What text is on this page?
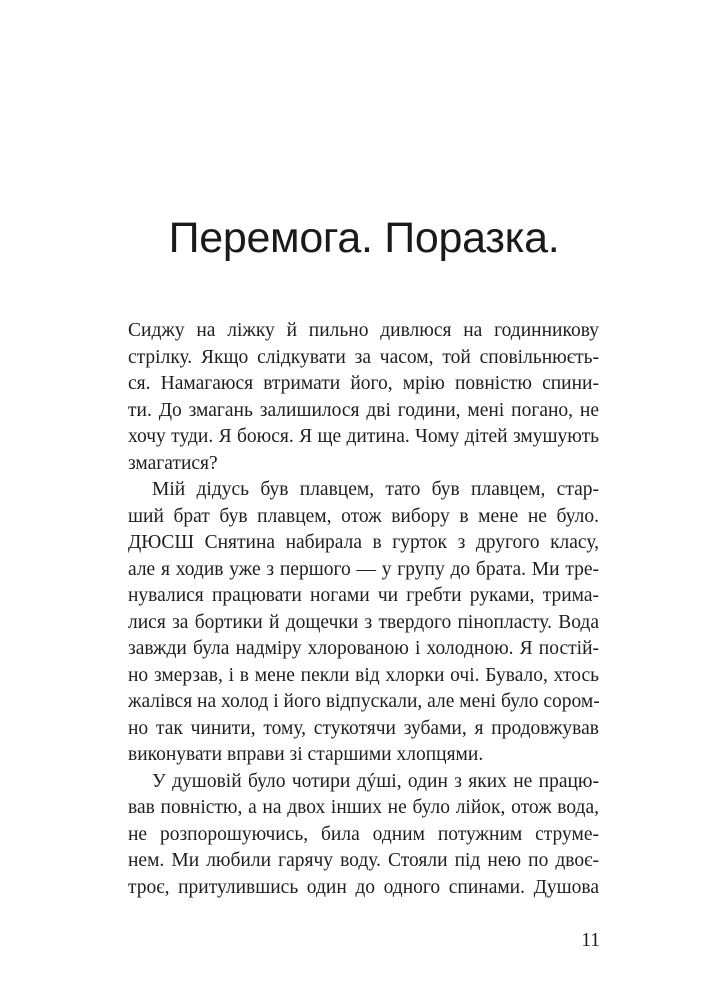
Перемога. Поразка.
Сиджу на ліжку й пильно дивлюся на годинникову
стрілку. Якщо слідкувати за часом, той сповільнюєть-
ся. Намагаюся втримати його, мрію повністю спини-
ти. До змагань залишилося дві години, мені погано, не
хочу туди. Я боюся. Я ще дитина. Чому дітей змушують
змагатися?
Мій дідусь був плавцем, тато був плавцем, стар-
ший брат був плавцем, отож вибору в мене не було.
ДЮСШ Снятина набирала в гурток з другого класу,
але я ходив уже з першого — у групу до брата. Ми тре-
нувалися працювати ногами чи гребти руками, трима-
лися за бортики й дощечки з твердого пінопласту. Вода
завжди була надміру хлорованою і холодною. Я постій-
но змерзав, і в мене пекли від хлорки очі. Бувало, хтось
жалівся на холод і його відпускали, але мені було сором-
но так чинити, тому, стукотячи зубами, я продовжував
виконувати вправи зі старшими хлопцями.
У душовій було чотири дýші, один з яких не працю-
вав повністю, а на двох інших не було лійок, отож вода,
не розпорошуючись, била одним потужним струме-
нем. Ми любили гарячу воду. Стояли під нею по двоє-
троє, притулившись один до одного спинами. Душова
11
